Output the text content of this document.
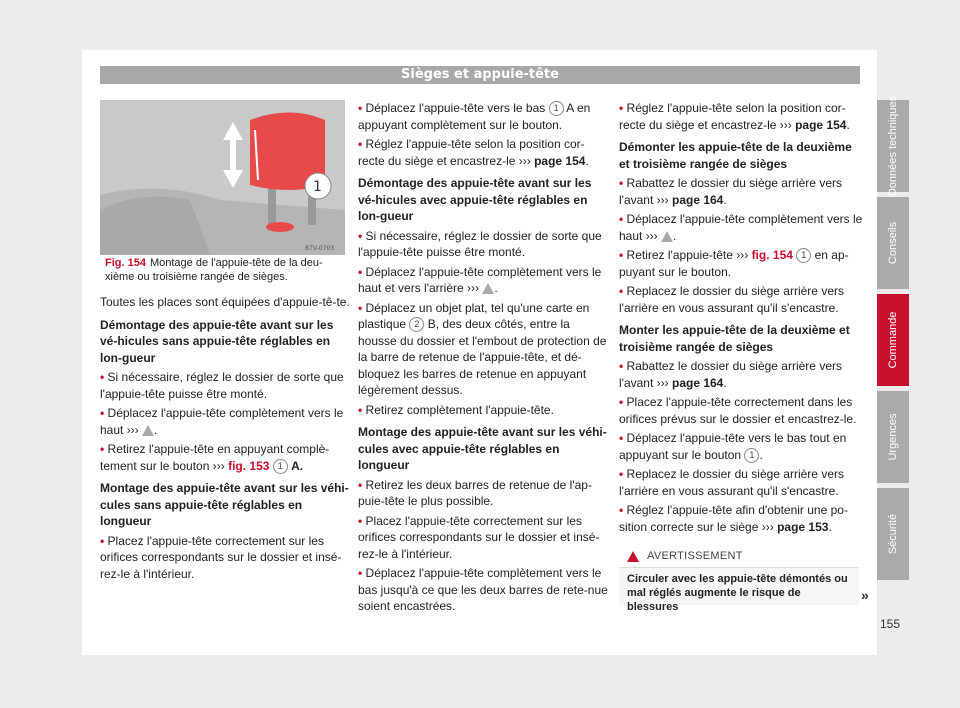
Sièges et appuie-tête
1
B7V-0703
Fig. 154 Montage de l'appuie-tête de la deu-xième ou troisième rangée de sièges.

Toutes les places sont équipées d'appuie-tê-te.

Démontage des appuie-tête avant sur les vé-hicules sans appuie-tête réglables en lon-gueur

• Si nécessaire, réglez le dossier de sorte que l'appuie-tête puisse être monté.

• Déplacez l'appuie-tête complètement vers le haut ››› .

• Retirez l'appuie-tête en appuyant complè-tement sur le bouton ››› fig. 153 1 A.

Montage des appuie-tête avant sur les véhi-cules sans appuie-tête réglables en longueur

• Placez l'appuie-tête correctement sur les orifices correspondants sur le dossier et insé-rez-le à l'intérieur.

• Déplacez l'appuie-tête vers le bas 1 A en appuyant complètement sur le bouton.

• Réglez l'appuie-tête selon la position cor-recte du siège et encastrez-le ››› page 154.

Démontage des appuie-tête avant sur les vé-hicules avec appuie-tête réglables en lon-gueur

• Si nécessaire, réglez le dossier de sorte que l'appuie-tête puisse être monté.

• Déplacez l'appuie-tête complètement vers le haut et vers l'arrière ››› .

• Déplacez un objet plat, tel qu'une carte en plastique 2 B, des deux côtés, entre la housse du dossier et l'embout de protection de la barre de retenue de l'appuie-tête, et dé-bloquez les barres de retenue en appuyant légèrement dessus.

• Retirez complètement l'appuie-tête.

Montage des appuie-tête avant sur les véhi-cules avec appuie-tête réglables en longueur

• Retirez les deux barres de retenue de l'ap-puie-tête le plus possible.

• Placez l'appuie-tête correctement sur les orifices correspondants sur le dossier et insé-rez-le à l'intérieur.

• Déplacez l'appuie-tête complètement vers le bas jusqu'à ce que les deux barres de rete-nue soient encastrées.

• Réglez l'appuie-tête selon la position cor-recte du siège et encastrez-le ››› page 154.

Démonter les appuie-tête de la deuxième et troisième rangée de sièges

• Rabattez le dossier du siège arrière vers l'avant ››› page 164.

• Déplacez l'appuie-tête complètement vers le haut ››› .

• Retirez l'appuie-tête ››› fig. 154 1 en ap-puyant sur le bouton.

• Replacez le dossier du siège arrière vers l'arrière en vous assurant qu'il s'encastre.

Monter les appuie-tête de la deuxième et troisième rangée de sièges

• Rabattez le dossier du siège arrière vers l'avant ››› page 164.

• Placez l'appuie-tête correctement dans les orifices prévus sur le dossier et encastrez-le.

• Déplacez l'appuie-tête vers le bas tout en appuyant sur le bouton 1 .

• Replacez le dossier du siège arrière vers l'arrière en vous assurant qu'il s'encastre.

• Réglez l'appuie-tête afin d'obtenir une po-sition correcte sur le siège ››› page 153.

AVERTISSEMENT
Circuler avec les appuie-tête démontés ou mal réglés augmente le risque de blessures
»
Données techniques
Conseils
Commande
Urgences
Sécurité
155
